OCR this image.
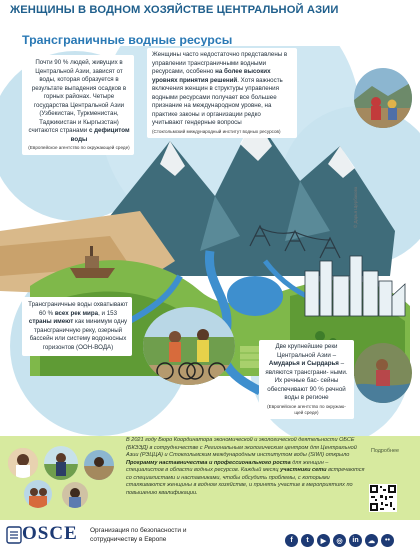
ЖЕНЩИНЫ В ВОДНОМ ХОЗЯЙСТВЕ ЦЕНТРАЛЬНОЙ АЗИИ
Трансграничные водные ресурсы
Почти 90 % людей, живущих в Центральной Азии, зависят от воды, которая образуется в результате выпадения осадков в горных районах. Четыре государства Центральной Азии (Узбекистан, Туркменистан, Таджикистан и Кыргызстан) считаются странами с дефицитом воды
(Европейское агентство по окружающей среде)
Женщины часто недостаточно представлены в управлении трансграничными водными ресурсами, особенно на более высоких уровнях принятия решений. Хотя важность включения женщин в структуры управления водными ресурсами получает все большее признание на международном уровне, на практике законы и организации редко учитывают гендерные вопросы
(Стокгольмский международный институт водных ресурсов)
Трансграничные воды охватывают 60 % всех рек мира, и 153 страны имеют как минимум одну трансграничную реку, озерный бассейн или систему водоносных горизонтов (ООН-ВОДА)	Две крупнейшие реки Центральной Азии – Амударья и Сырдарья – являются трансграни- ными. Их речные бас- сейны обеспечивают 90 % речной воды в регионе
(Европейское агентство по окружаю- щей среде)
© Дарья Щербакова
В 2021 году Бюро Координатора экономической и экологической деятельности ОБСЕ (БКЭЭД) в сотрудничестве с Региональным экологическим центром для Центральной Азии (РЭЦЦА) и Стокгольмским международным институтом воды (SIWI) открыло Программу наставничества и профессионального роста для женщин – специалистов в области водных ресурсов. Каждый месяц участники сети встречаются со специалистами и наставниками, чтобы обсудить проблемы, с которыми сталкиваются женщины в водном хозяйстве, и принять участие в мероприятиях по повышению квалификации.
Подробнее
OSCE Организация по безопасности и
сотрудничеству в Европе	f	t	▶	◎	in	☁	••
